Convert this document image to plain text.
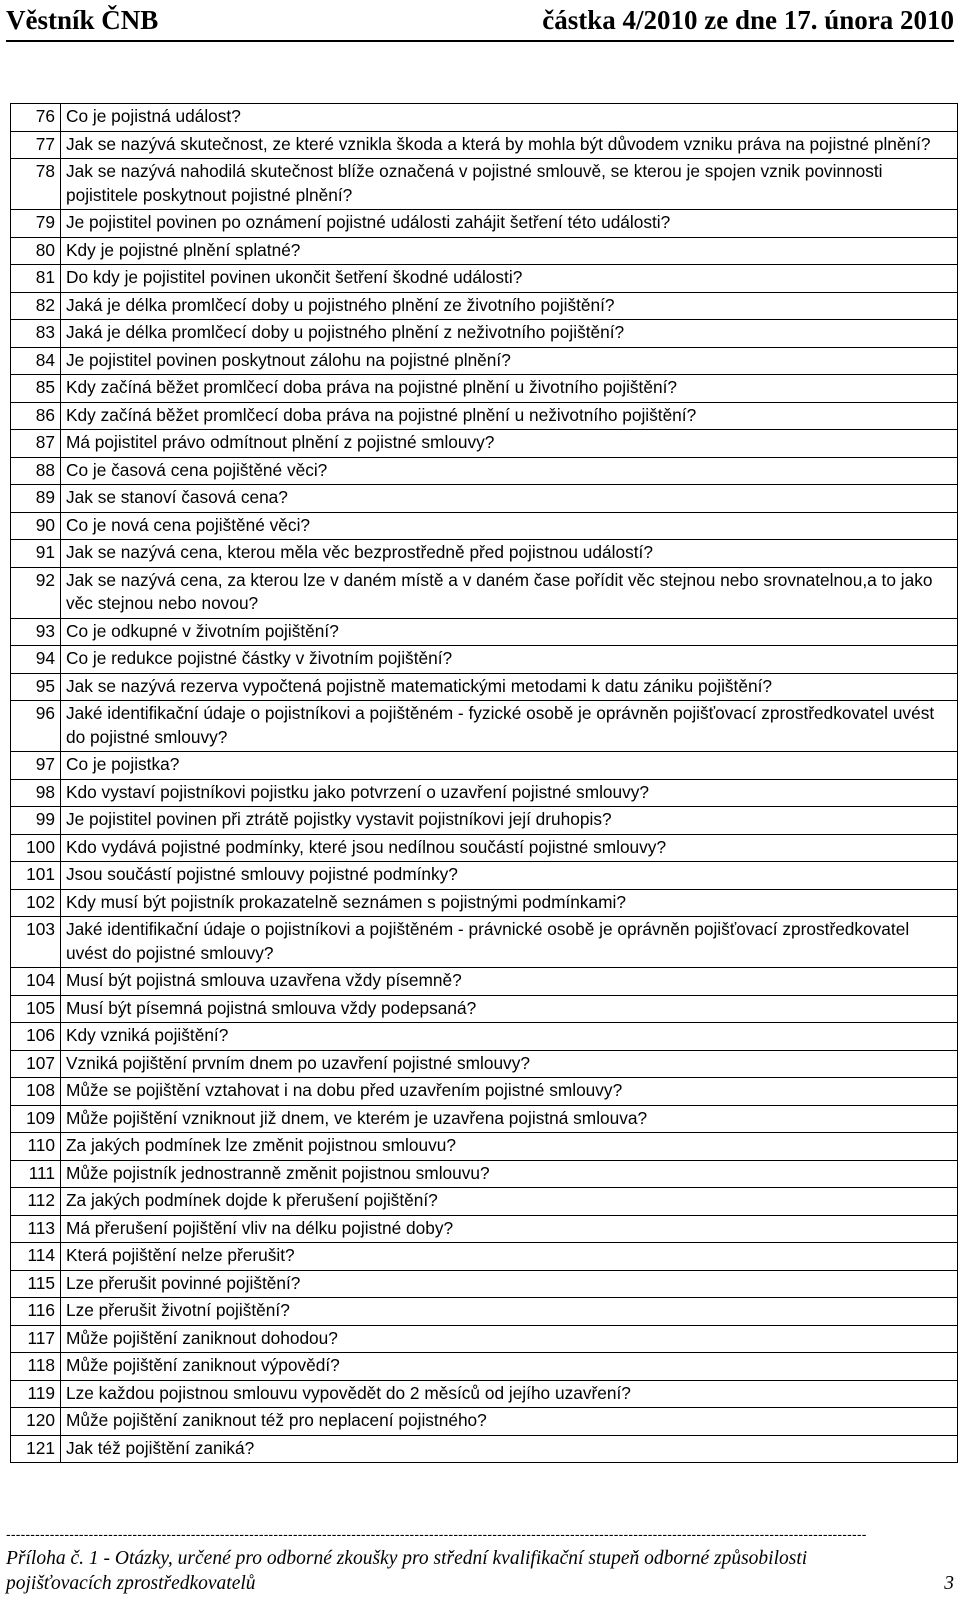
Věstník ČNB	částka 4/2010 ze dne 17. února 2010
76	Co je pojistná událost?
77	Jak se nazývá skutečnost, ze které vznikla škoda a která by mohla být důvodem vzniku práva na pojistné plnění?
78	Jak se nazývá nahodilá skutečnost blíže označená v pojistné smlouvě, se kterou je spojen vznik povinnosti pojistitele poskytnout pojistné plnění?
79	Je pojistitel povinen po oznámení pojistné události zahájit šetření této události?
80	Kdy je pojistné plnění splatné?
81	Do kdy je pojistitel povinen ukončit šetření škodné události?
82	Jaká je délka promlčecí doby u pojistného plnění ze životního pojištění?
83	Jaká je délka promlčecí doby u pojistného plnění z neživotního pojištění?
84	Je pojistitel povinen poskytnout zálohu na pojistné plnění?
85	Kdy začíná běžet promlčecí doba práva na pojistné plnění u životního pojištění?
86	Kdy začíná běžet promlčecí doba práva na pojistné plnění u neživotního pojištění?
87	Má pojistitel právo odmítnout plnění z pojistné smlouvy?
88	Co je časová cena pojištěné věci?
89	Jak se stanoví časová cena?
90	Co je nová cena pojištěné věci?
91	Jak se nazývá cena, kterou měla věc bezprostředně před pojistnou událostí?
92	Jak se nazývá cena, za kterou lze v daném místě a v daném čase pořídit věc stejnou nebo srovnatelnou,a to jako věc stejnou nebo novou?
93	Co je odkupné v životním pojištění?
94	Co je redukce pojistné částky v životním pojištění?
95	Jak se nazývá rezerva vypočtená pojistně matematickými metodami k datu zániku pojištění?
96	Jaké identifikační údaje o pojistníkovi a pojištěném - fyzické osobě je oprávněn pojišťovací zprostředkovatel uvést do pojistné smlouvy?
97	Co je pojistka?
98	Kdo vystaví pojistníkovi pojistku jako potvrzení o uzavření pojistné smlouvy?
99	Je pojistitel povinen při ztrátě pojistky vystavit pojistníkovi její druhopis?
100	Kdo vydává pojistné podmínky, které jsou nedílnou součástí pojistné smlouvy?
101	Jsou součástí pojistné smlouvy pojistné podmínky?
102	Kdy musí být pojistník prokazatelně seznámen s pojistnými podmínkami?
103	Jaké identifikační údaje o pojistníkovi a pojištěném - právnické osobě je oprávněn pojišťovací zprostředkovatel uvést do pojistné smlouvy?
104	Musí být pojistná smlouva uzavřena vždy písemně?
105	Musí být písemná pojistná smlouva vždy podepsaná?
106	Kdy vzniká pojištění?
107	Vzniká pojištění prvním dnem po uzavření pojistné smlouvy?
108	Může se pojištění vztahovat i na dobu před uzavřením pojistné smlouvy?
109	Může pojištění vzniknout již dnem, ve kterém je uzavřena pojistná smlouva?
110	Za jakých podmínek lze změnit pojistnou smlouvu?
111	Může pojistník jednostranně změnit pojistnou smlouvu?
112	Za jakých podmínek dojde k přerušení pojištění?
113	Má přerušení pojištění vliv na délku pojistné doby?
114	Která pojištění nelze přerušit?
115	Lze přerušit povinné pojištění?
116	Lze přerušit životní pojištění?
117	Může pojištění zaniknout dohodou?
118	Může pojištění zaniknout výpovědí?
119	Lze každou pojistnou smlouvu vypovědět do 2 měsíců od jejího uzavření?
120	Může pojištění zaniknout též pro neplacení pojistného?
121	Jak též pojištění zaniká?
---------------------------------------------------------------------------------------------------------------------------------------------------------------------------------
Příloha č. 1 - Otázky, určené pro odborné zkoušky pro střední kvalifikační stupeň odborné způsobilosti
pojišťovacích zprostředkovatelů	3
